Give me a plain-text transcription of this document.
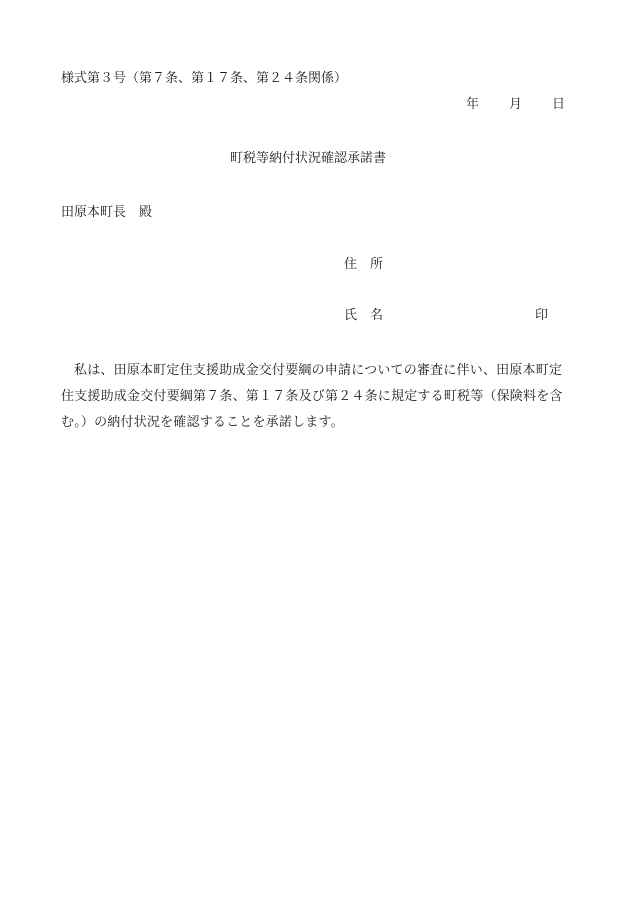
様式第３号（第７条、第１７条、第２４条関係）
年 月 日
町税等納付状況確認承諾書
田原本町長　殿
住　所
氏　名	印
私は、田原本町定住支援助成金交付要綱の申請についての審査に伴い、田原本町定住支援助成金交付要綱第７条、第１７条及び第２４条に規定する町税等（保険料を含む。）の納付状況を確認することを承諾します。
